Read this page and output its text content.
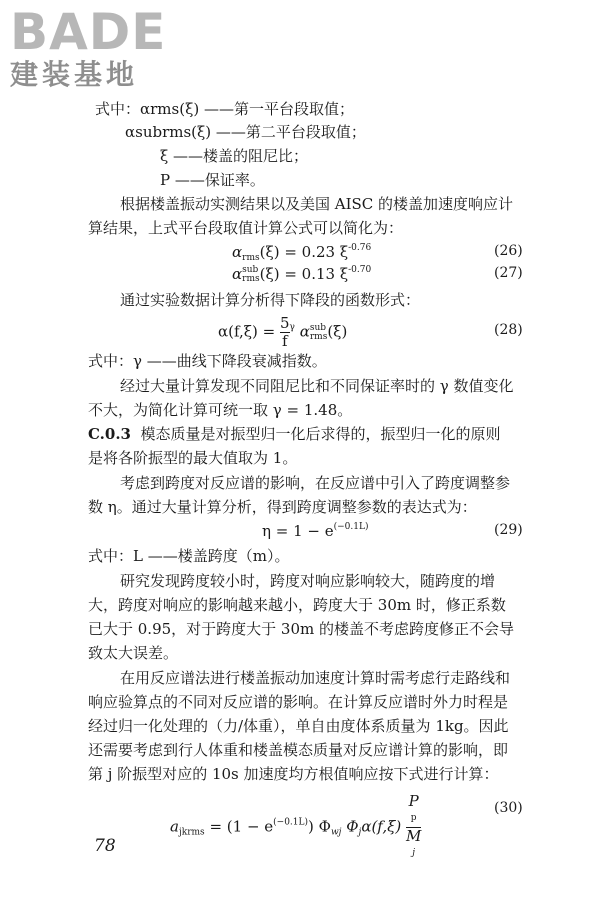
BADE
建装基地
式中：αrms(ξ) ——第一平台段取值；
αsubrms(ξ) ——第二平台段取值；
ξ ——楼盖的阻尼比；
P ——保证率。
根据楼盖振动实测结果以及美国 AISC 的楼盖加速度响应计
算结果，上式平台段取值计算公式可以简化为：
$\alpha_{rms}(\xi) = 0.23$ $\xi^{-0.76}$	(26)
αsub
rms(ξ) = 0.13 $\xi^{-0.70}$	(27)
通过实验数据计算分析得下降段的函数形式：
$\alpha(f,\xi) = \frac{5}{f} ^\gamma$ αsub
rms(ξ)	(28)
式中：γ ——曲线下降段衰减指数。
经过大量计算发现不同阻尼比和不同保证率时的 γ 数值变化
不大，为简化计算可统一取 γ = 1.48。
C.0.3 模态质量是对振型归一化后求得的，振型归一化的原则
是将各阶振型的最大值取为 1。
考虑到跨度对反应谱的影响，在反应谱中引入了跨度调整参
数 η。通过大量计算分析，得到跨度调整参数的表达式为：
$\eta = 1 - e^{(-0.1L)}$	(29)
式中：L ——楼盖跨度（m）。
研究发现跨度较小时，跨度对响应影响较大，随跨度的增
大，跨度对响应的影响越来越小，跨度大于 30m 时，修正系数
已大于 0.95，对于跨度大于 30m 的楼盖不考虑跨度修正不会导
致太大误差。
在用反应谱法进行楼盖振动加速度计算时需考虑行走路线和
响应验算点的不同对反应谱的影响。在计算反应谱时外力时程是
经过归一化处理的（力/体重），单自由度体系质量为 1kg。因此
还需要考虑到行人体重和楼盖模态质量对反应谱计算的影响，即
第 j 阶振型对应的 10s 加速度均方根值响应按下式进行计算：
$a_{jkrms} = (1 - e^{(-0.1L)})$ $\Phi_{wj}$ $\Phi_j\alpha(f,\xi)$ P
p
M
j	(30)
78
